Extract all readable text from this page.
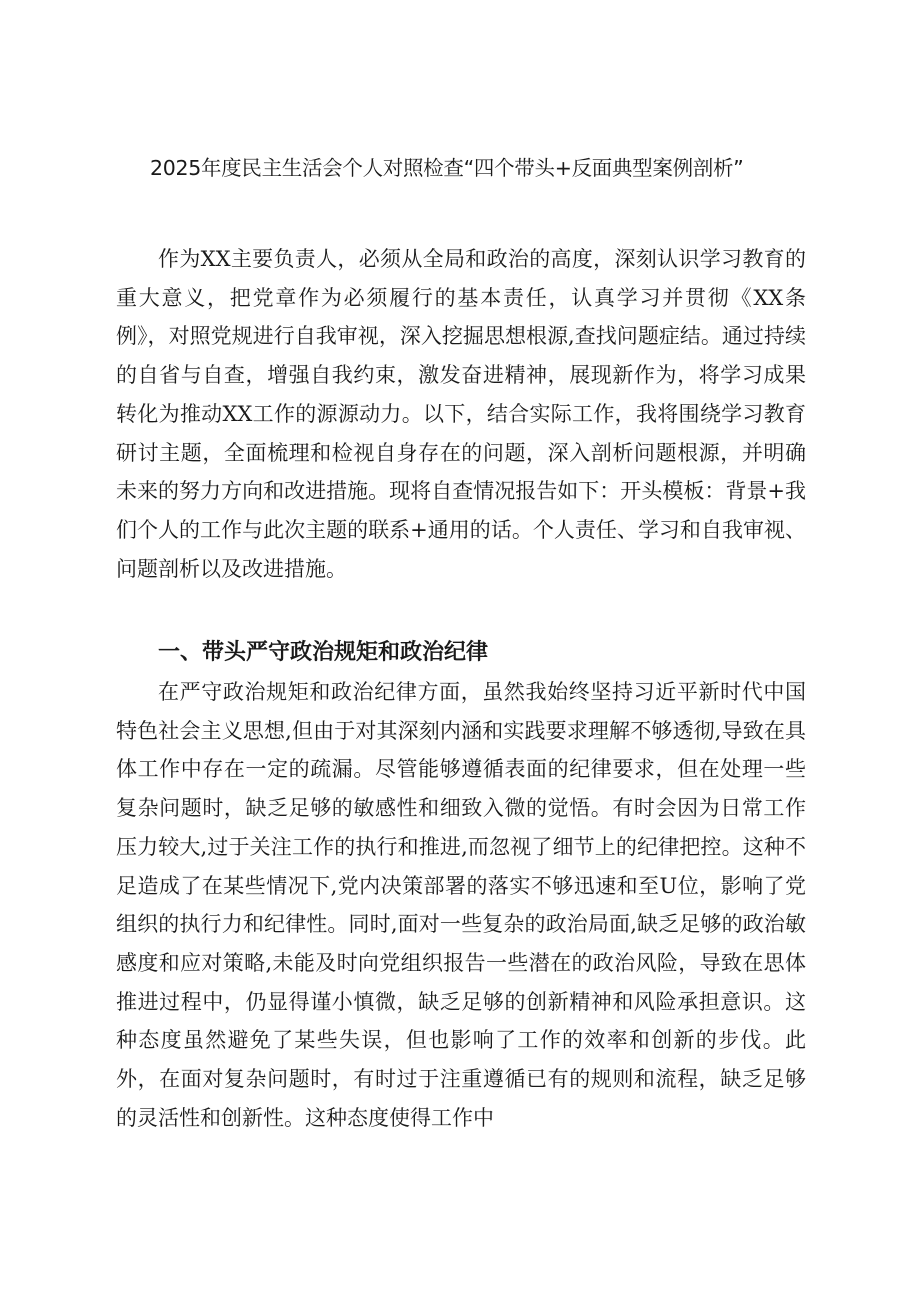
2025年度民主生活会个人对照检查“四个带头+反面典型案例剖析”

作为XX主要负责人，必须从全局和政治的高度，深刻认识学习教育的重大意义，把党章作为必须履行的基本责任，认真学习并贯彻《XX条例》，对照党规进行自我审视，深入挖掘思想根源,查找问题症结。通过持续的自省与自查，增强自我约束，激发奋进精神，展现新作为，将学习成果转化为推动XX工作的源源动力。以下，结合实际工作，我将围绕学习教育研讨主题，全面梳理和检视自身存在的问题，深入剖析问题根源，并明确未来的努力方向和改进措施。现将自查情况报告如下：开头模板：背景+我们个人的工作与此次主题的联系+通用的话。个人责任、学习和自我审视、问题剖析以及改进措施。

一、带头严守政治规矩和政治纪律

在严守政治规矩和政治纪律方面，虽然我始终坚持习近平新时代中国特色社会主义思想,但由于对其深刻内涵和实践要求理解不够透彻,导致在具体工作中存在一定的疏漏。尽管能够遵循表面的纪律要求，但在处理一些复杂问题时，缺乏足够的敏感性和细致入微的觉悟。有时会因为日常工作压力较大,过于关注工作的执行和推进,而忽视了细节上的纪律把控。这种不足造成了在某些情况下,党内决策部署的落实不够迅速和至U位，影响了党组织的执行力和纪律性。同时,面对一些复杂的政治局面,缺乏足够的政治敏感度和应对策略,未能及时向党组织报告一些潜在的政治风险，导致在思体推进过程中，仍显得谨小慎微，缺乏足够的创新精神和风险承担意识。这种态度虽然避免了某些失误，但也影响了工作的效率和创新的步伐。此外，在面对复杂问题时，有时过于注重遵循已有的规则和流程，缺乏足够的灵活性和创新性。这种态度使得工作中
